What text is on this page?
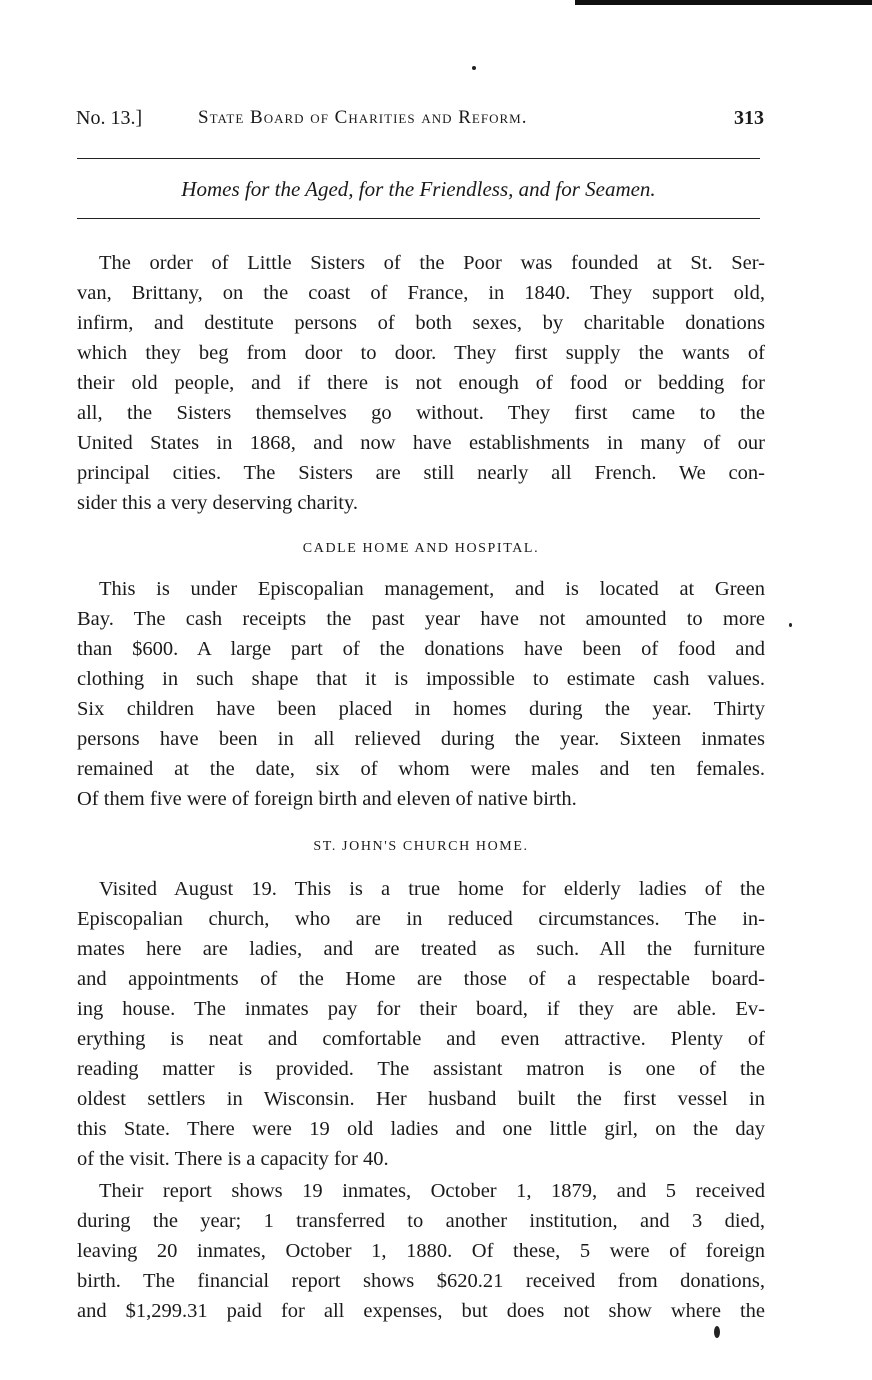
No. 13.]	State Board of Charities and Reform.	313
Homes for the Aged, for the Friendless, and for Seamen.
The order of Little Sisters of the Poor was founded at St. Ser-
van, Brittany, on the coast of France, in 1840. They support old,
infirm, and destitute persons of both sexes, by charitable donations
which they beg from door to door. They first supply the wants of
their old people, and if there is not enough of food or bedding for
all, the Sisters themselves go without. They first came to the
United States in 1868, and now have establishments in many of our
principal cities. The Sisters are still nearly all French. We con-
sider this a very deserving charity.
CADLE HOME AND HOSPITAL.
This is under Episcopalian management, and is located at Green
Bay. The cash receipts the past year have not amounted to more
than $600. A large part of the donations have been of food and
clothing in such shape that it is impossible to estimate cash values.
Six children have been placed in homes during the year. Thirty
persons have been in all relieved during the year. Sixteen inmates
remained at the date, six of whom were males and ten females.
Of them five were of foreign birth and eleven of native birth.
ST. JOHN'S CHURCH HOME.
Visited August 19. This is a true home for elderly ladies of the
Episcopalian church, who are in reduced circumstances. The in-
mates here are ladies, and are treated as such. All the furniture
and appointments of the Home are those of a respectable board-
ing house. The inmates pay for their board, if they are able. Ev-
erything is neat and comfortable and even attractive. Plenty of
reading matter is provided. The assistant matron is one of the
oldest settlers in Wisconsin. Her husband built the first vessel in
this State. There were 19 old ladies and one little girl, on the day
of the visit. There is a capacity for 40.
Their report shows 19 inmates, October 1, 1879, and 5 received
during the year; 1 transferred to another institution, and 3 died,
leaving 20 inmates, October 1, 1880. Of these, 5 were of foreign
birth. The financial report shows $620.21 received from donations,
and $1,299.31 paid for all expenses, but does not show where the
